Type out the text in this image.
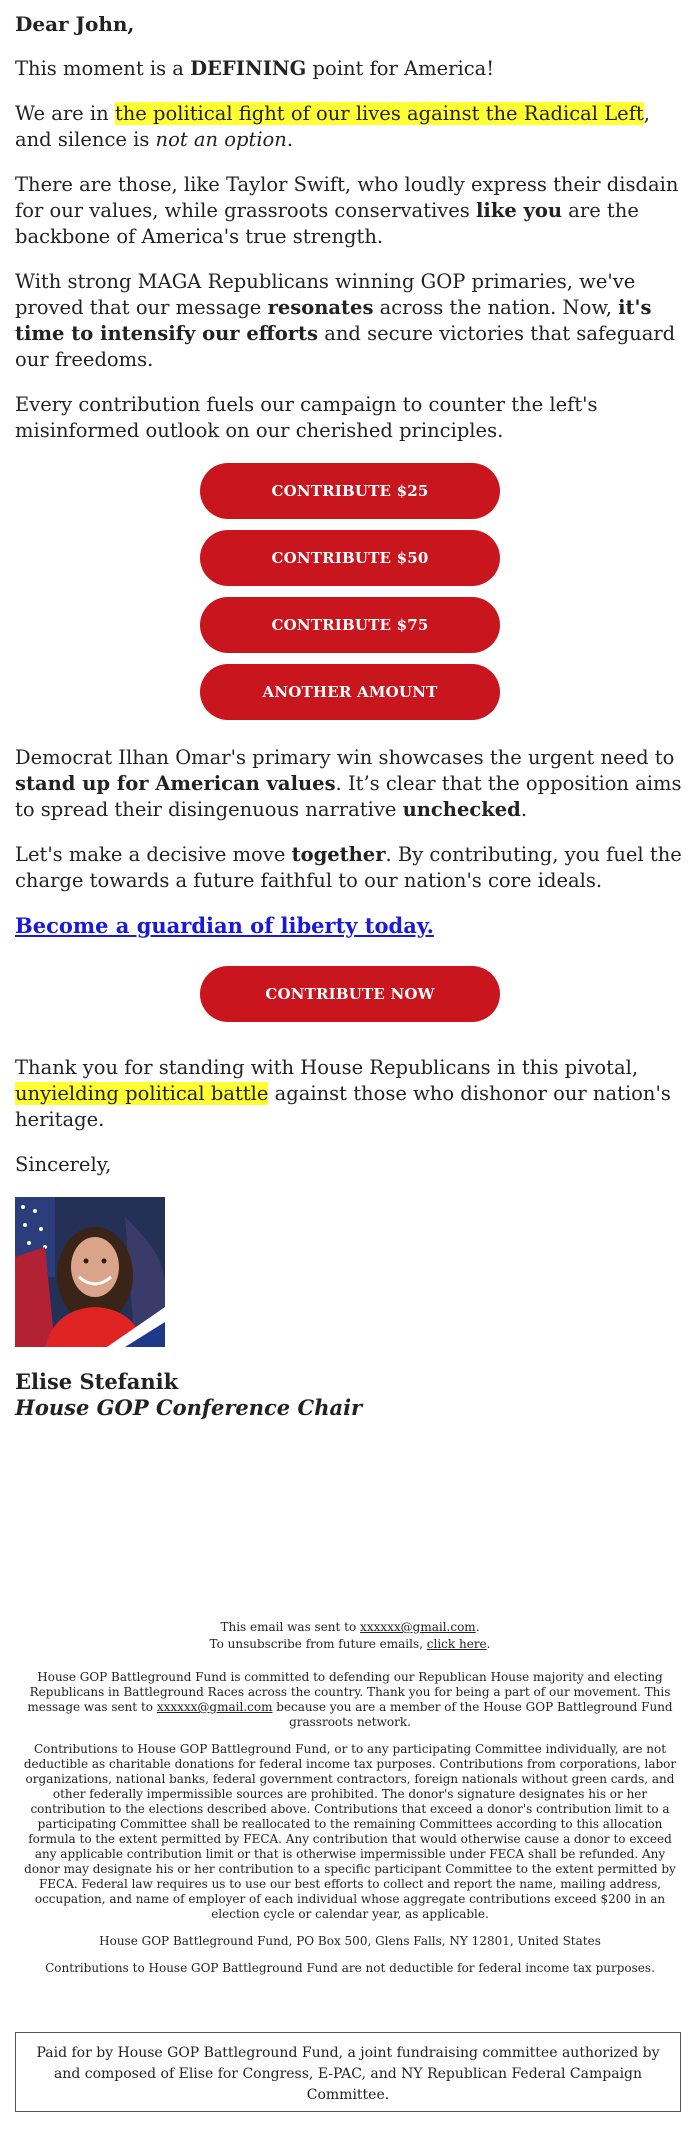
Dear John,

This moment is a DEFINING point for America!

We are in the political fight of our lives against the Radical Left, and silence is not an option.

There are those, like Taylor Swift, who loudly express their disdain for our values, while grassroots conservatives like you are the backbone of America's true strength.

With strong MAGA Republicans winning GOP primaries, we've proved that our message resonates across the nation. Now, it's time to intensify our efforts and secure victories that safeguard our freedoms.

Every contribution fuels our campaign to counter the left's misinformed outlook on our cherished principles.

CONTRIBUTE $25
CONTRIBUTE $50
CONTRIBUTE $75
ANOTHER AMOUNT

Democrat Ilhan Omar's primary win showcases the urgent need to stand up for American values. It’s clear that the opposition aims to spread their disingenuous narrative unchecked.

Let's make a decisive move together. By contributing, you fuel the charge towards a future faithful to our nation's core ideals.

Become a guardian of liberty today.
CONTRIBUTE NOW

Thank you for standing with House Republicans in this pivotal, unyielding political battle against those who dishonor our nation's heritage.

Sincerely,

Elise Stefanik

House GOP Conference Chair

This email was sent to xxxxxx@gmail.com.

To unsubscribe from future emails, click here.

House GOP Battleground Fund is committed to defending our Republican House majority and electing Republicans in Battleground Races across the country. Thank you for being a part of our movement. This message was sent to xxxxxx@gmail.com because you are a member of the House GOP Battleground Fund grassroots network.

Contributions to House GOP Battleground Fund, or to any participating Committee individually, are not deductible as charitable donations for federal income tax purposes. Contributions from corporations, labor organizations, national banks, federal government contractors, foreign nationals without green cards, and other federally impermissible sources are prohibited. The donor's signature designates his or her contribution to the elections described above. Contributions that exceed a donor's contribution limit to a participating Committee shall be reallocated to the remaining Committees according to this allocation formula to the extent permitted by FECA. Any contribution that would otherwise cause a donor to exceed any applicable contribution limit or that is otherwise impermissible under FECA shall be refunded. Any donor may designate his or her contribution to a specific participant Committee to the extent permitted by FECA. Federal law requires us to use our best efforts to collect and report the name, mailing address, occupation, and name of employer of each individual whose aggregate contributions exceed $200 in an election cycle or calendar year, as applicable.

House GOP Battleground Fund, PO Box 500, Glens Falls, NY 12801, United States

Contributions to House GOP Battleground Fund are not deductible for federal income tax purposes.

Paid for by House GOP Battleground Fund, a joint fundraising committee authorized by and composed of Elise for Congress, E-PAC, and NY Republican Federal Campaign Committee.
